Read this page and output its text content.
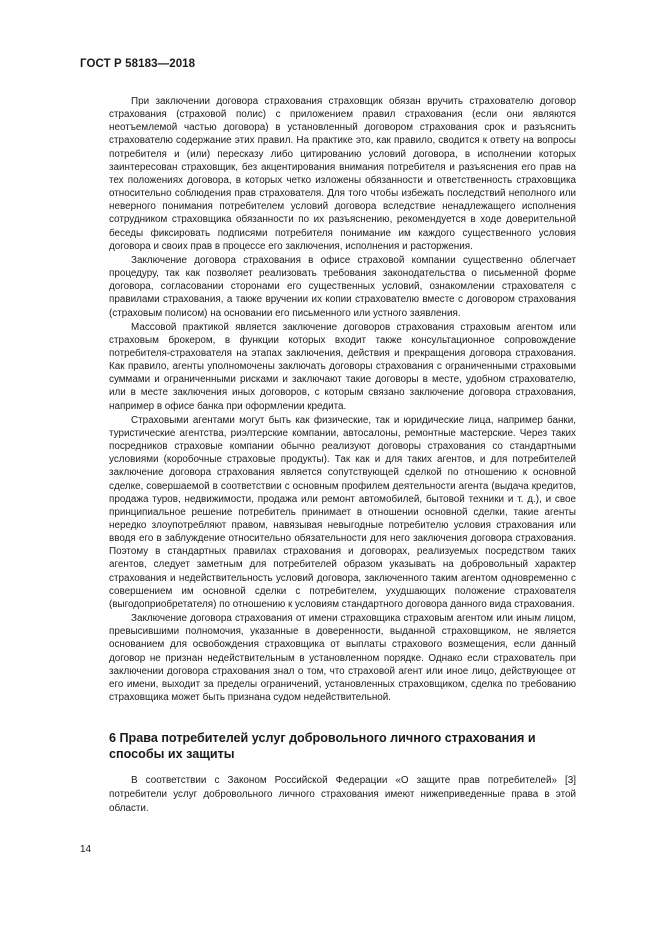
ГОСТ Р 58183—2018

При заключении договора страхования страховщик обязан вручить страхователю договор страхования (страховой полис) с приложением правил страхования (если они являются неотъемлемой частью договора) в установленный договором страхования срок и разъяснить страхователю содержание этих правил. На практике это, как правило, сводится к ответу на вопросы потребителя и (или) пересказу либо цитированию условий договора, в исполнении которых заинтересован страховщик, без акцентирования внимания потребителя и разъяснения его прав на тех положениях договора, в которых четко изложены обязанности и ответственность страховщика относительно соблюдения прав страхователя. Для того чтобы избежать последствий неполного или неверного понимания потребителем условий договора вследствие ненадлежащего исполнения сотрудником страховщика обязанности по их разъяснению, рекомендуется в ходе доверительной беседы фиксировать подписями потребителя понимание им каждого существенного условия договора и своих прав в процессе его заключения, исполнения и расторжения.

Заключение договора страхования в офисе страховой компании существенно облегчает процедуру, так как позволяет реализовать требования законодательства о письменной форме договора, согласовании сторонами его существенных условий, ознакомлении страхователя с правилами страхования, а также вручении их копии страхователю вместе с договором страхования (страховым полисом) на основании его письменного или устного заявления.

Массовой практикой является заключение договоров страхования страховым агентом или страховым брокером, в функции которых входит также консультационное сопровождение потребителя-страхователя на этапах заключения, действия и прекращения договора страхования. Как правило, агенты уполномочены заключать договоры страхования с ограниченными страховыми суммами и ограниченными рисками и заключают такие договоры в месте, удобном страхователю, или в месте заключения иных договоров, с которым связано заключение договора страхования, например в офисе банка при оформлении кредита.

Страховыми агентами могут быть как физические, так и юридические лица, например банки, туристические агентства, риэлтерские компании, автосалоны, ремонтные мастерские. Через таких посредников страховые компании обычно реализуют договоры страхования со стандартными условиями (коробочные страховые продукты). Так как и для таких агентов, и для потребителей заключение договора страхования является сопутствующей сделкой по отношению к основной сделке, совершаемой в соответствии с основным профилем деятельности агента (выдача кредитов, продажа туров, недвижимости, продажа или ремонт автомобилей, бытовой техники и т. д.), и свое принципиальное решение потребитель принимает в отношении основной сделки, такие агенты нередко злоупотребляют правом, навязывая невыгодные потребителю условия страхования или вводя его в заблуждение относительно обязательности для него заключения договора страхования. Поэтому в стандартных правилах страхования и договорах, реализуемых посредством таких агентов, следует заметным для потребителей образом указывать на добровольный характер страхования и недействительность условий договора, заключенного таким агентом одновременно с совершением им основной сделки с потребителем, ухудшающих положение страхователя (выгодоприобретателя) по отношению к условиям стандартного договора данного вида страхования.

Заключение договора страхования от имени страховщика страховым агентом или иным лицом, превысившими полномочия, указанные в доверенности, выданной страховщиком, не является основанием для освобождения страховщика от выплаты страхового возмещения, если данный договор не признан недействительным в установленном порядке. Однако если страхователь при заключении договора страхования знал о том, что страховой агент или иное лицо, действующее от его имени, выходит за пределы ограничений, установленных страховщиком, сделка по требованию страховщика может быть признана судом недействительной.

6 Права потребителей услуг добровольного личного страхования и способы их защиты

В соответствии с Законом Российской Федерации «О защите прав потребителей» [3] потребители услуг добровольного личного страхования имеют нижеприведенные права в этой области.

14
